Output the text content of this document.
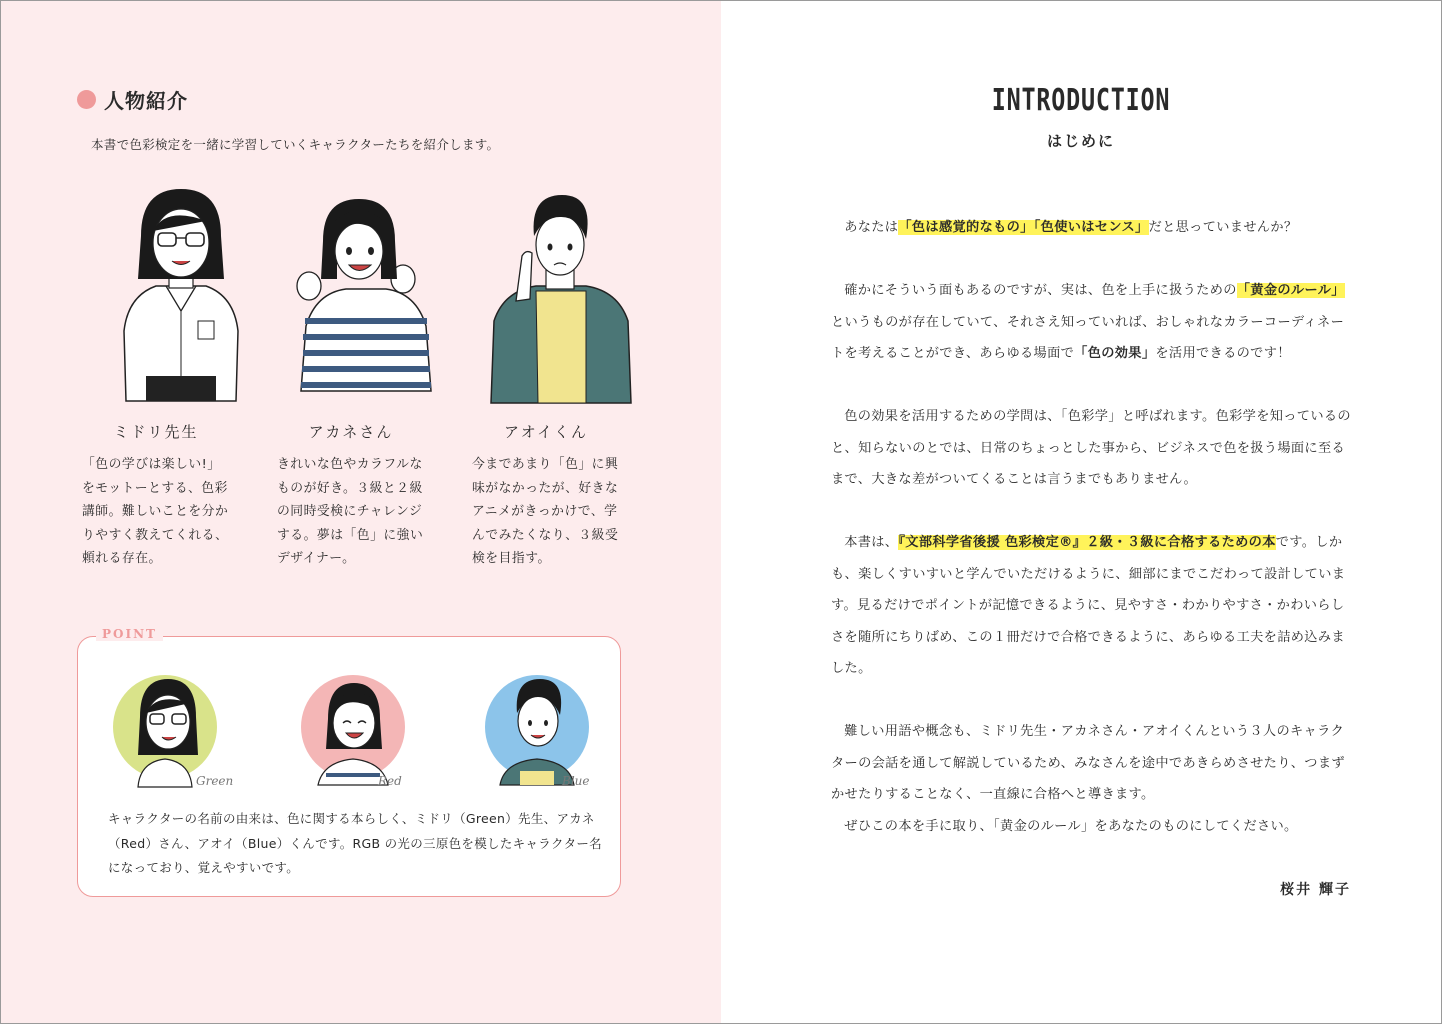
人物紹介
本書で色彩検定を一緒に学習していくキャラクターたちを紹介します。
ミドリ先生	アカネさん	アオイくん
「色の学びは楽しい!」をモットーとする、色彩講師。難しいことを分かりやすく教えてくれる、頼れる存在。
きれいな色やカラフルなものが好き。３級と２級の同時受検にチャレンジする。夢は「色」に強いデザイナー。
今まであまり「色」に興味がなかったが、好きなアニメがきっかけで、学んでみたくなり、３級受検を目指す。
POINT
Green	Red	Blue
キャラクターの名前の由来は、色に関する本らしく、ミドリ（Green）先生、アカネ（Red）さん、アオイ（Blue）くんです。RGB の光の三原色を模したキャラクター名になっており、覚えやすいです。
INTRODUCTION
はじめに

あなたは「色は感覚的なもの」「色使いはセンス」だと思っていませんか？

確かにそういう面もあるのですが、実は、色を上手に扱うための「黄金のルール」というものが存在していて、それさえ知っていれば、おしゃれなカラーコーディネートを考えることができ、あらゆる場面で「色の効果」を活用できるのです！

色の効果を活用するための学問は、「色彩学」と呼ばれます。色彩学を知っているのと、知らないのとでは、日常のちょっとした事から、ビジネスで色を扱う場面に至るまで、大きな差がついてくることは言うまでもありません。

本書は、『文部科学省後援 色彩検定®』２級・３級に合格するための本です。しかも、楽しくすいすいと学んでいただけるように、細部にまでこだわって設計しています。見るだけでポイントが記憶できるように、見やすさ・わかりやすさ・かわいらしさを随所にちりばめ、この１冊だけで合格できるように、あらゆる工夫を詰め込みました。

難しい用語や概念も、ミドリ先生・アカネさん・アオイくんという３人のキャラクターの会話を通して解説しているため、みなさんを途中であきらめさせたり、つまずかせたりすることなく、一直線に合格へと導きます。

ぜひこの本を手に取り、「黄金のルール」をあなたのものにしてください。

桜井 輝子
